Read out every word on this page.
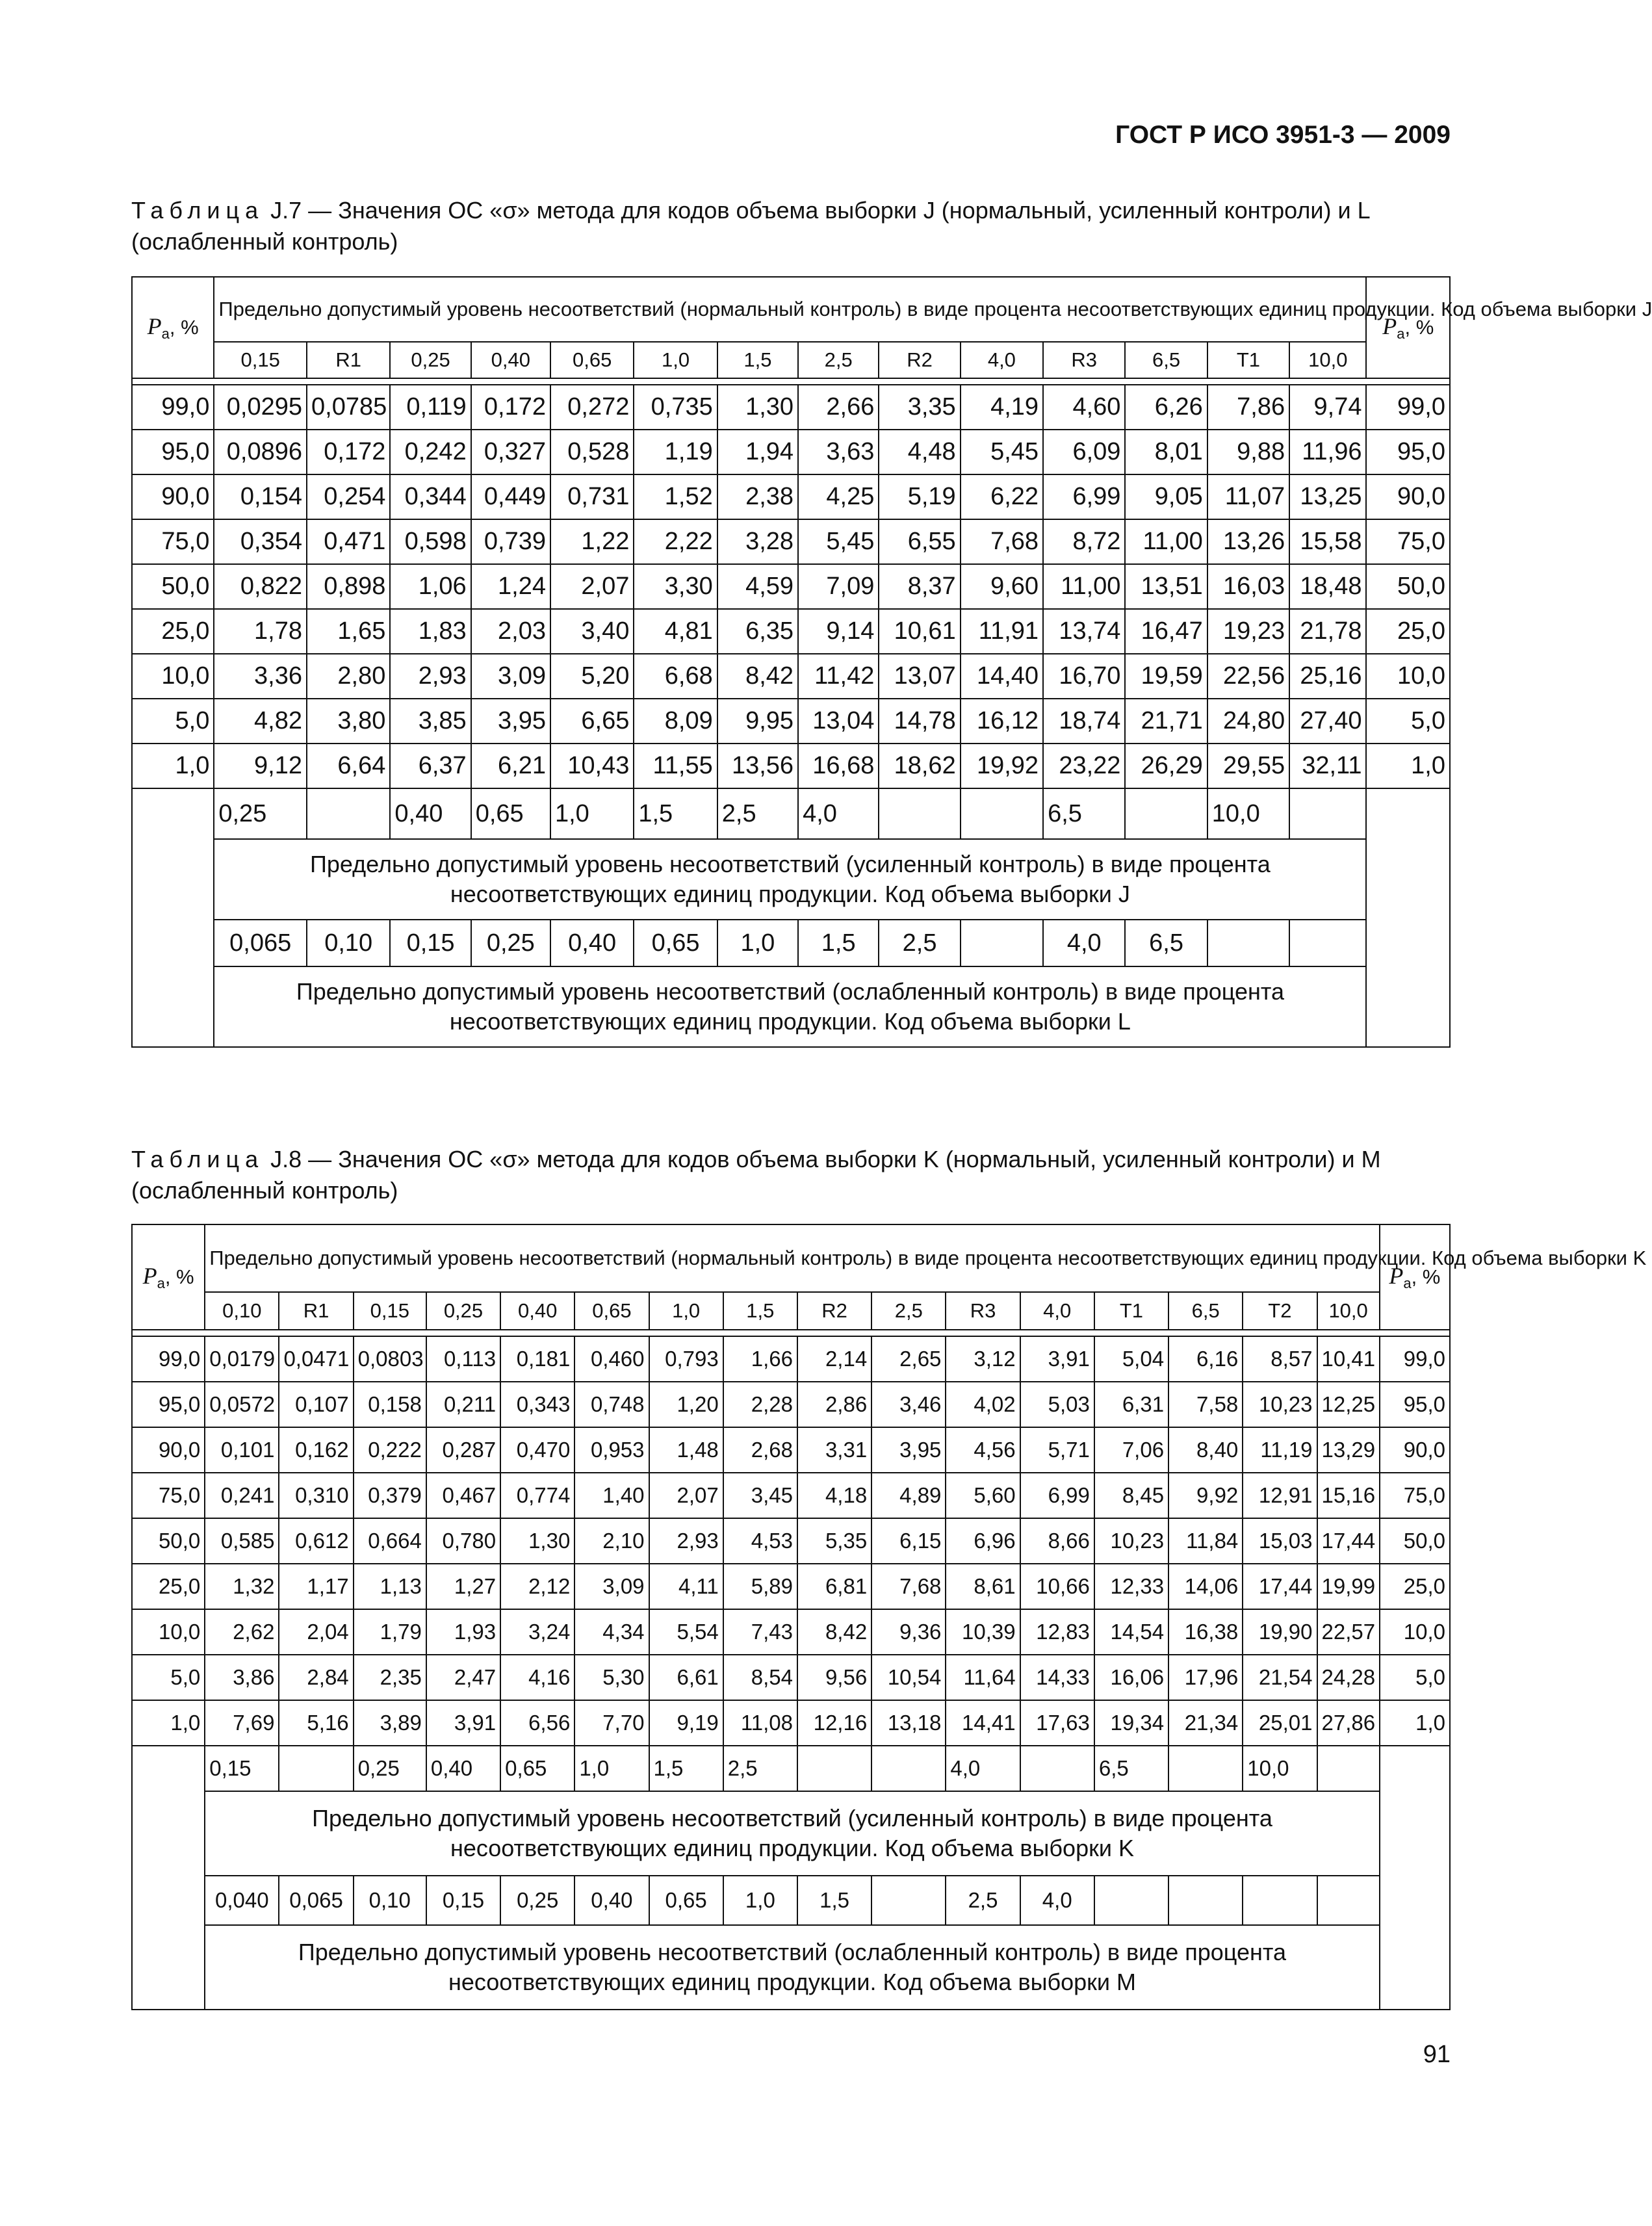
ГОСТ Р ИСО 3951-3 — 2009
Таблица J.7 — Значения ОС «σ» метода для кодов объема выборки J (нормальный, усиленный контроли) и L (ослабленный контроль)
$P_a$, %	Предельно допустимый уровень несоответствий (нормальный контроль) в виде процента несоответствующих единиц продукции. Код объема выборки J														$P_a$, %
	0,15	R1	0,25	0,40	0,65	1,0	1,5	2,5	R2	4,0	R3	6,5	T1	10,0	

99,0	0,0295	0,0785	0,119	0,172	0,272	0,735	1,30	2,66	3,35	4,19	4,60	6,26	7,86	9,74	99,0
95,0	0,0896	0,172	0,242	0,327	0,528	1,19	1,94	3,63	4,48	5,45	6,09	8,01	9,88	11,96	95,0
90,0	0,154	0,254	0,344	0,449	0,731	1,52	2,38	4,25	5,19	6,22	6,99	9,05	11,07	13,25	90,0
75,0	0,354	0,471	0,598	0,739	1,22	2,22	3,28	5,45	6,55	7,68	8,72	11,00	13,26	15,58	75,0
50,0	0,822	0,898	1,06	1,24	2,07	3,30	4,59	7,09	8,37	9,60	11,00	13,51	16,03	18,48	50,0
25,0	1,78	1,65	1,83	2,03	3,40	4,81	6,35	9,14	10,61	11,91	13,74	16,47	19,23	21,78	25,0
10,0	3,36	2,80	2,93	3,09	5,20	6,68	8,42	11,42	13,07	14,40	16,70	19,59	22,56	25,16	10,0
5,0	4,82	3,80	3,85	3,95	6,65	8,09	9,95	13,04	14,78	16,12	18,74	21,71	24,80	27,40	5,0
1,0	9,12	6,64	6,37	6,21	10,43	11,55	13,56	16,68	18,62	19,92	23,22	26,29	29,55	32,11	1,0
	0,25		0,40	0,65	1,0	1,5	2,5	4,0			6,5		10,0		
	Предельно допустимый уровень несоответствий (усиленный контроль) в виде процента несоответствующих единиц продукции. Код объема выборки J														
	0,065	0,10	0,15	0,25	0,40	0,65	1,0	1,5	2,5		4,0	6,5			
	Предельно допустимый уровень несоответствий (ослабленный контроль) в виде процента несоответствующих единиц продукции. Код объема выборки L														
Таблица J.8 — Значения ОС «σ» метода для кодов объема выборки K (нормальный, усиленный контроли) и M (ослабленный контроль)
$P_a$, %	Предельно допустимый уровень несоответствий (нормальный контроль) в виде процента несоответствующих единиц продукции. Код объема выборки K																$P_a$, %
	0,10	R1	0,15	0,25	0,40	0,65	1,0	1,5	R2	2,5	R3	4,0	T1	6,5	T2	10,0	

99,0	0,0179	0,0471	0,0803	0,113	0,181	0,460	0,793	1,66	2,14	2,65	3,12	3,91	5,04	6,16	8,57	10,41	99,0
95,0	0,0572	0,107	0,158	0,211	0,343	0,748	1,20	2,28	2,86	3,46	4,02	5,03	6,31	7,58	10,23	12,25	95,0
90,0	0,101	0,162	0,222	0,287	0,470	0,953	1,48	2,68	3,31	3,95	4,56	5,71	7,06	8,40	11,19	13,29	90,0
75,0	0,241	0,310	0,379	0,467	0,774	1,40	2,07	3,45	4,18	4,89	5,60	6,99	8,45	9,92	12,91	15,16	75,0
50,0	0,585	0,612	0,664	0,780	1,30	2,10	2,93	4,53	5,35	6,15	6,96	8,66	10,23	11,84	15,03	17,44	50,0
25,0	1,32	1,17	1,13	1,27	2,12	3,09	4,11	5,89	6,81	7,68	8,61	10,66	12,33	14,06	17,44	19,99	25,0
10,0	2,62	2,04	1,79	1,93	3,24	4,34	5,54	7,43	8,42	9,36	10,39	12,83	14,54	16,38	19,90	22,57	10,0
5,0	3,86	2,84	2,35	2,47	4,16	5,30	6,61	8,54	9,56	10,54	11,64	14,33	16,06	17,96	21,54	24,28	5,0
1,0	7,69	5,16	3,89	3,91	6,56	7,70	9,19	11,08	12,16	13,18	14,41	17,63	19,34	21,34	25,01	27,86	1,0
	0,15		0,25	0,40	0,65	1,0	1,5	2,5			4,0		6,5		10,0		
	Предельно допустимый уровень несоответствий (усиленный контроль) в виде процента несоответствующих единиц продукции. Код объема выборки K																
	0,040	0,065	0,10	0,15	0,25	0,40	0,65	1,0	1,5		2,5	4,0					
	Предельно допустимый уровень несоответствий (ослабленный контроль) в виде процента несоответствующих единиц продукции. Код объема выборки M																
91
